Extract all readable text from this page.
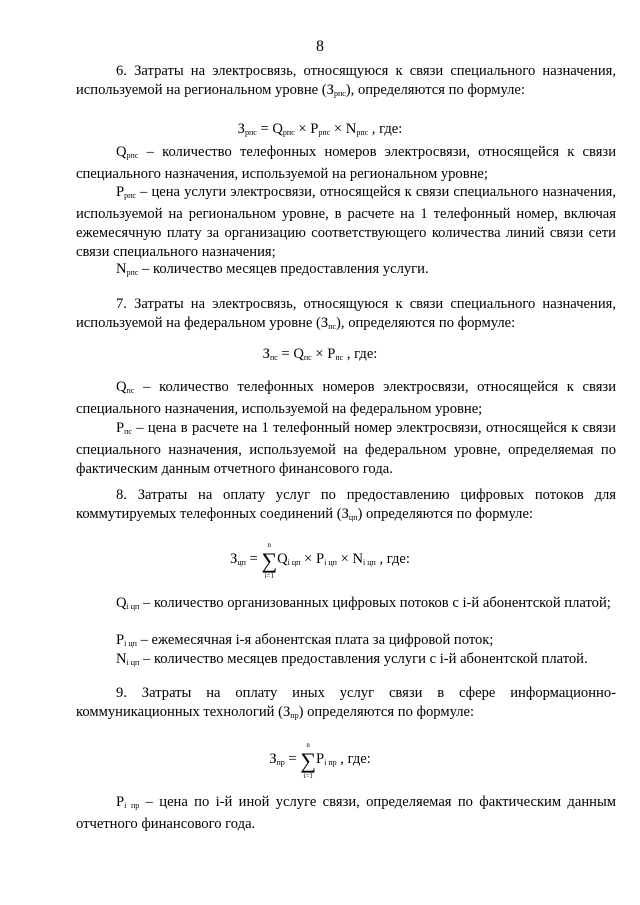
8
6. Затраты на электросвязь, относящуюся к связи специального назначения, используемой на региональном уровне $(З_{рпс})$, определяются по формуле:
$З_{рпс} = Q_{рпс} \times P_{рпс} \times N_{рпс}$ , где:
$Q_{рпс}$ – количество телефонных номеров электросвязи, относящейся к связи специального назначения, используемой на региональном уровне;
$P_{рпс}$ – цена услуги электросвязи, относящейся к связи специального назначения, используемой на региональном уровне, в расчете на 1 телефонный номер, включая ежемесячную плату за организацию соответствующего количества линий связи сети связи специального назначения;
$N_{рпс}$ – количество месяцев предоставления услуги.
7. Затраты на электросвязь, относящуюся к связи специального назначения, используемой на федеральном уровне $(З_{пс})$, определяются по формуле:
$З_{пс} = Q_{пс} \times P_{пс}$ , где:
$Q_{пс}$ – количество телефонных номеров электросвязи, относящейся к связи специального назначения, используемой на федеральном уровне;
$P_{пс}$ – цена в расчете на 1 телефонный номер электросвязи, относящейся к связи специального назначения, используемой на федеральном уровне, определяемая по фактическим данным отчетного финансового года.
8. Затраты на оплату услуг по предоставлению цифровых потоков для коммутируемых телефонных соединений $(З_{цп})$ определяются по формуле:
$З_{цп}$ =
n
∑
i=1
$Q_{i цп} \times P_{i цп} \times N_{i цп}$ , где:
$Q_{i цп}$ – количество организованных цифровых потоков с i-й абонентской платой;
$P_{i цп}$ – ежемесячная i-я абонентская плата за цифровой поток;
$N_{i цп}$ – количество месяцев предоставления услуги с i-й абонентской платой.
9. Затраты на оплату иных услуг связи в сфере информационно-коммуникационных технологий $(З_{пр})$ определяются по формуле:
$З_{пр}$ =
n
∑
i=1
$P_{i пр}$ , где:
$P_{i пр}$ – цена по i-й иной услуге связи, определяемая по фактическим данным отчетного финансового года.
